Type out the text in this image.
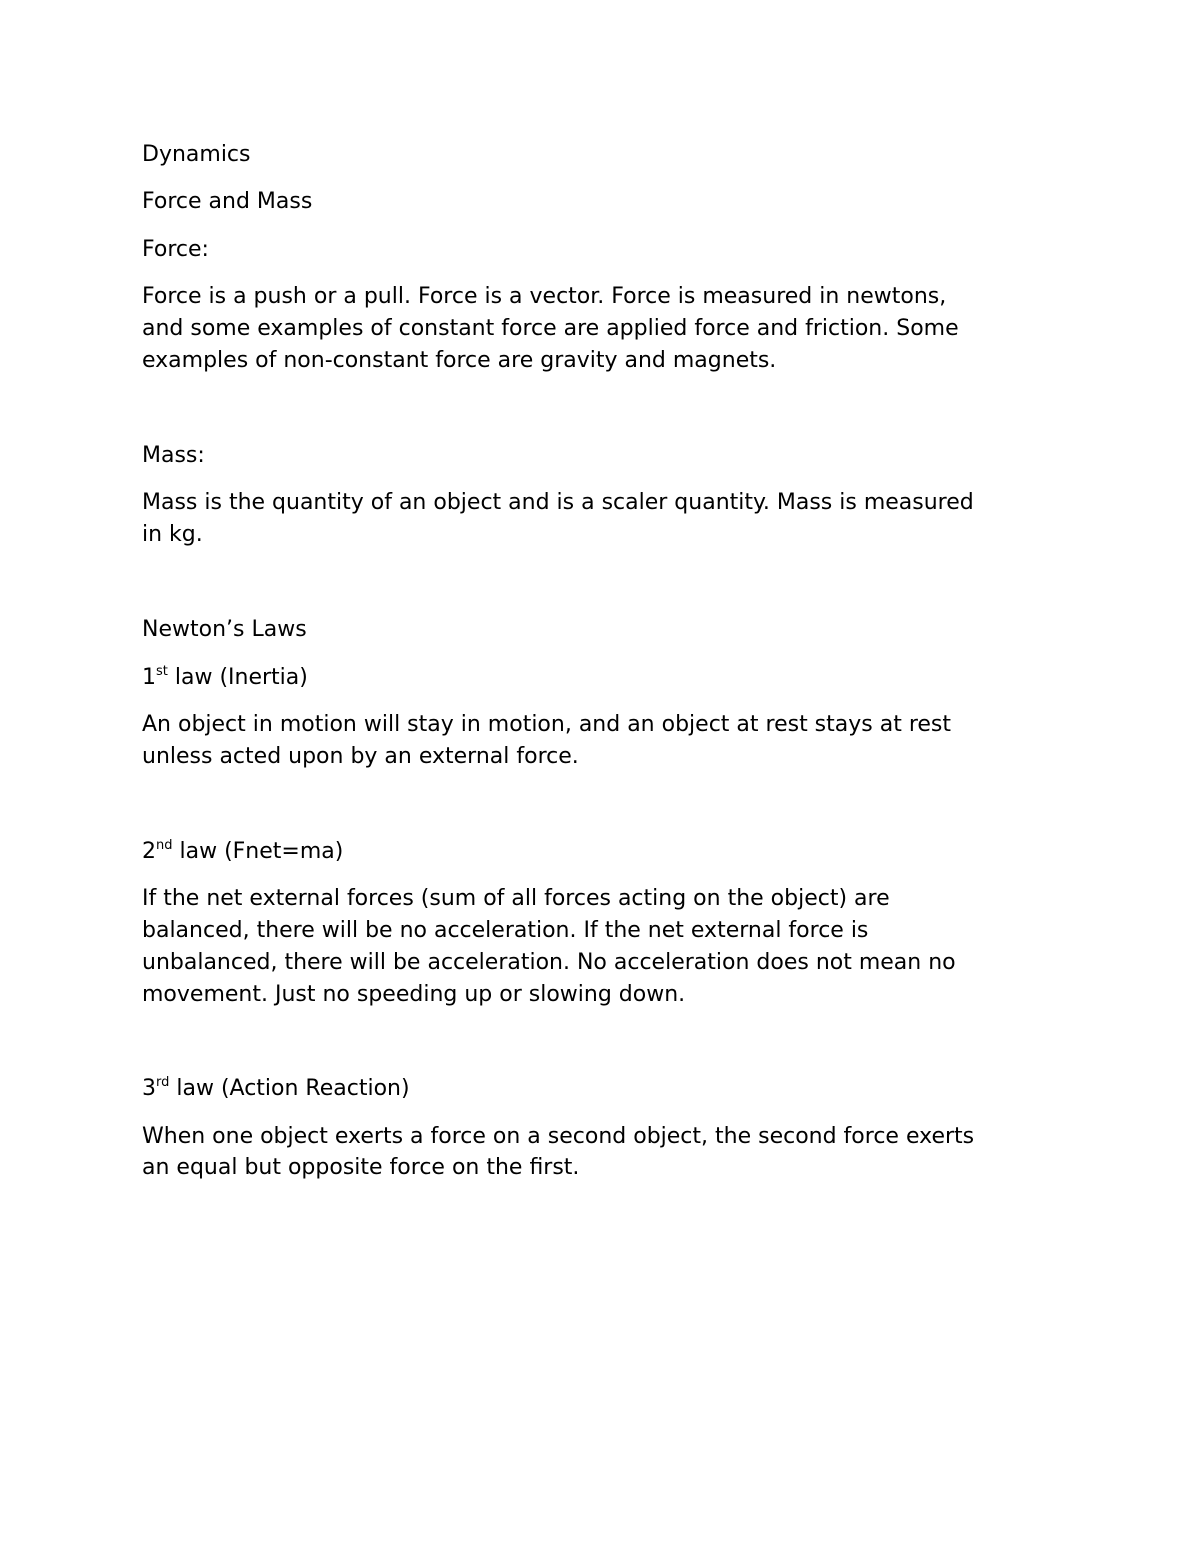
Dynamics

Force and Mass

Force:

Force is a push or a pull. Force is a vector. Force is measured in newtons,

and some examples of constant force are applied force and friction. Some

examples of non-constant force are gravity and magnets.

Mass:

Mass is the quantity of an object and is a scaler quantity. Mass is measured

in kg.

Newton’s Laws

1st law (Inertia)

An object in motion will stay in motion, and an object at rest stays at rest

unless acted upon by an external force.

2nd law (Fnet=ma)

If the net external forces (sum of all forces acting on the object) are

balanced, there will be no acceleration. If the net external force is

unbalanced, there will be acceleration. No acceleration does not mean no

movement. Just no speeding up or slowing down.

3rd law (Action Reaction)

When one object exerts a force on a second object, the second force exerts

an equal but opposite force on the first.
